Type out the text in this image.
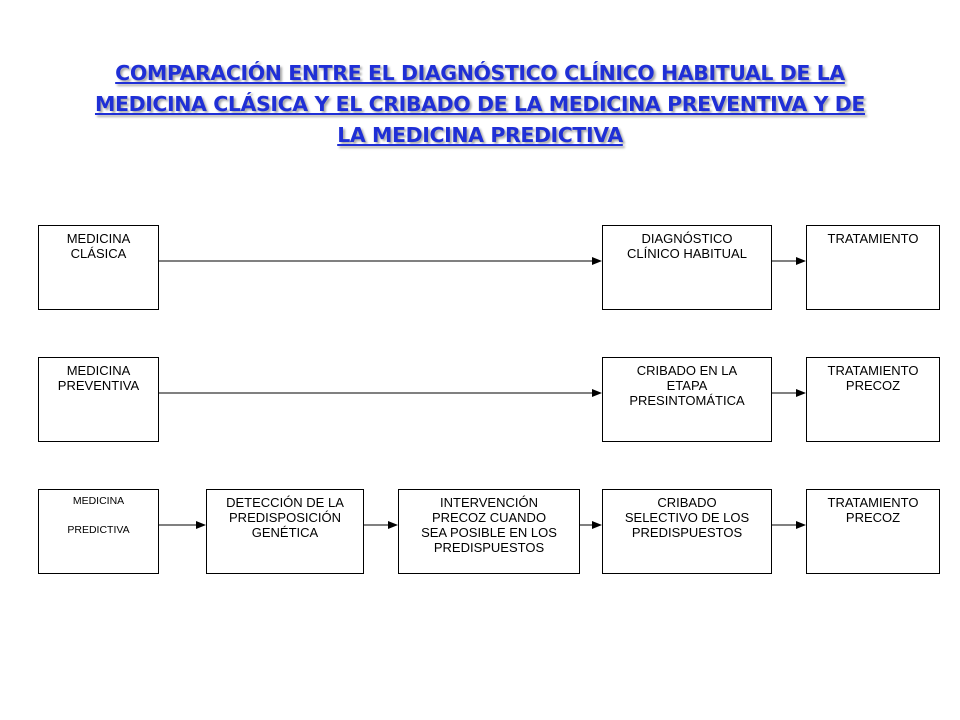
COMPARACIÓN ENTRE EL DIAGNÓSTICO CLÍNICO HABITUAL DE LA
MEDICINA CLÁSICA Y EL CRIBADO DE LA MEDICINA PREVENTIVA Y DE
LA MEDICINA PREDICTIVA
MEDICINA
CLÁSICA
DIAGNÓSTICO
CLÍNICO HABITUAL
TRATAMIENTO
MEDICINA
PREVENTIVA
CRIBADO EN LA
ETAPA
PRESINTOMÁTICA
TRATAMIENTO
PRECOZ
MEDICINA
PREDICTIVA
DETECCIÓN DE LA
PREDISPOSICIÓN
GENÉTICA
INTERVENCIÓN
PRECOZ CUANDO
SEA POSIBLE EN LOS
PREDISPUESTOS
CRIBADO
SELECTIVO DE LOS
PREDISPUESTOS
TRATAMIENTO
PRECOZ
